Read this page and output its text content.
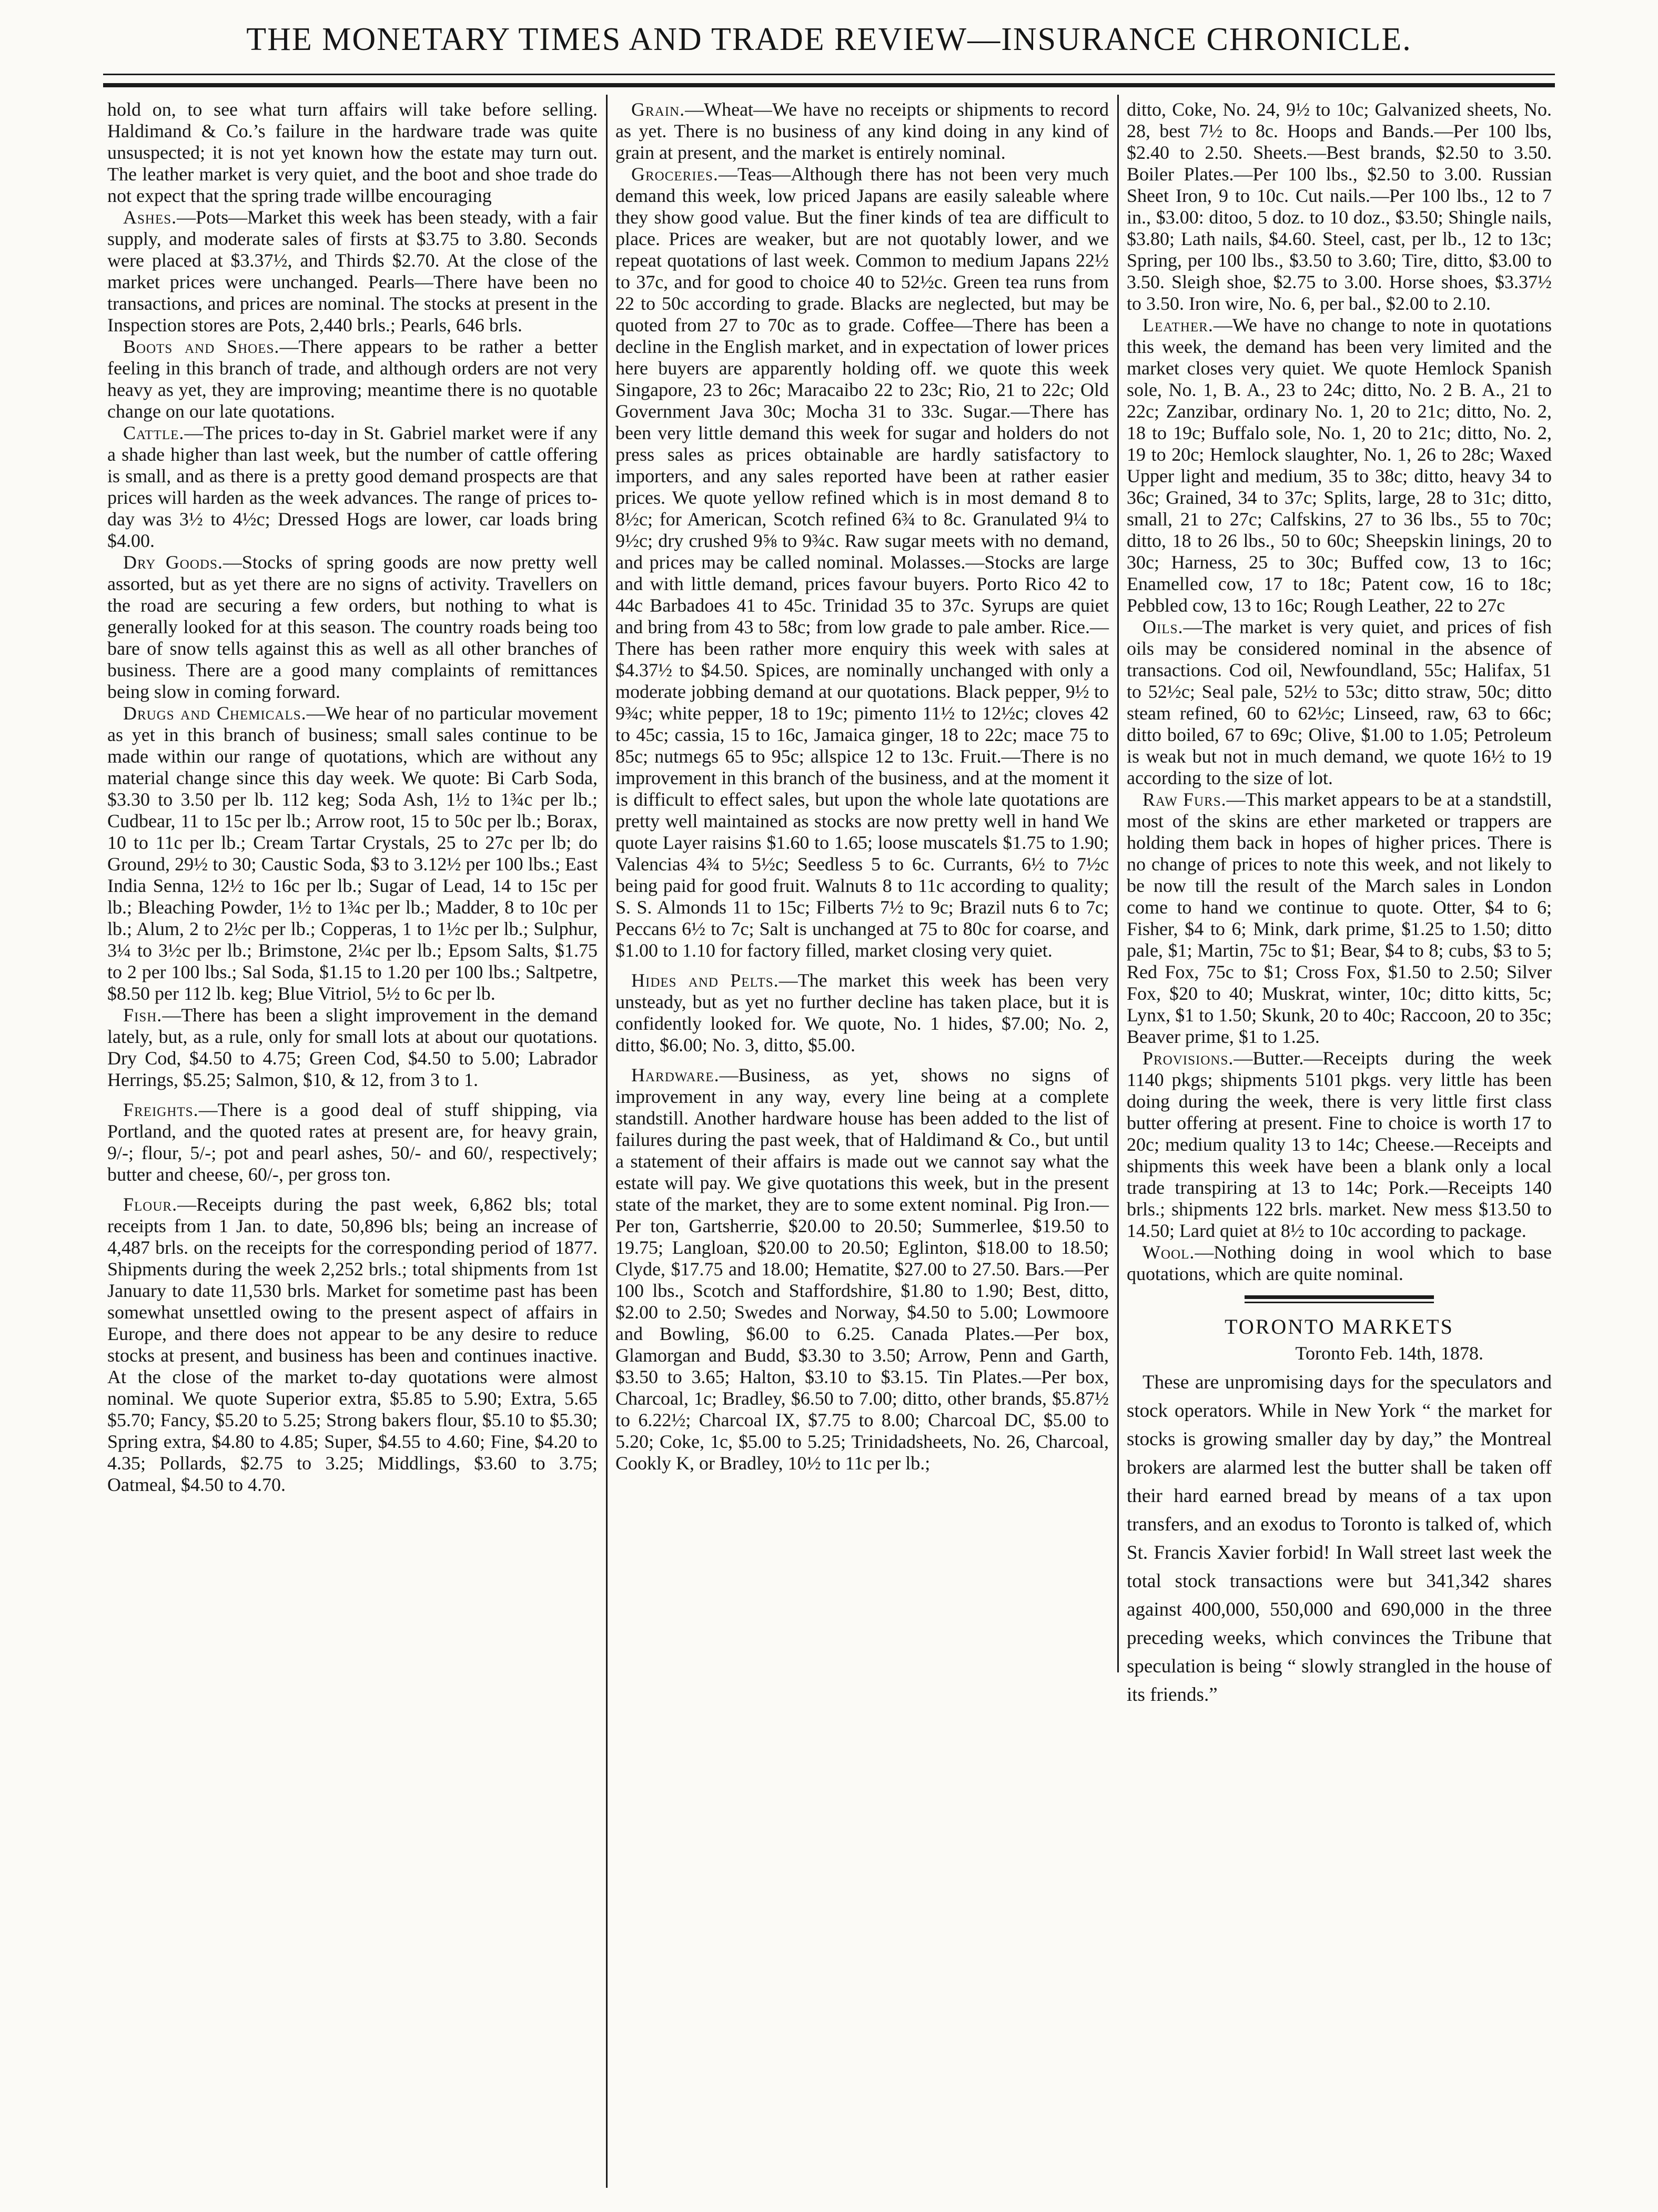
THE MONETARY TIMES AND TRADE REVIEW—INSURANCE CHRONICLE.

hold on, to see what turn affairs will take before selling. Haldimand & Co.’s failure in the hardware trade was quite unsuspected; it is not yet known how the estate may turn out. The leather market is very quiet, and the boot and shoe trade do not expect that the spring trade willbe encouraging

Ashes.—Pots—Market this week has been steady, with a fair supply, and moderate sales of firsts at $3.75 to 3.80. Seconds were placed at $3.37½, and Thirds $2.70. At the close of the market prices were unchanged. Pearls—There have been no transactions, and prices are nominal. The stocks at present in the Inspection stores are Pots, 2,440 brls.; Pearls, 646 brls.

Boots and Shoes.—There appears to be rather a better feeling in this branch of trade, and although orders are not very heavy as yet, they are improving; meantime there is no quotable change on our late quotations.

Cattle.—The prices to-day in St. Gabriel market were if any a shade higher than last week, but the number of cattle offering is small, and as there is a pretty good demand prospects are that prices will harden as the week advances. The range of prices to-day was 3½ to 4½c; Dressed Hogs are lower, car loads bring $4.00.

Dry Goods.—Stocks of spring goods are now pretty well assorted, but as yet there are no signs of activity. Travellers on the road are securing a few orders, but nothing to what is generally looked for at this season. The country roads being too bare of snow tells against this as well as all other branches of business. There are a good many complaints of remittances being slow in coming forward.

Drugs and Chemicals.—We hear of no particular movement as yet in this branch of business; small sales continue to be made within our range of quotations, which are without any material change since this day week. We quote: Bi Carb Soda, $3.30 to 3.50 per lb. 112 keg; Soda Ash, 1½ to 1¾c per lb.; Cudbear, 11 to 15c per lb.; Arrow root, 15 to 50c per lb.; Borax, 10 to 11c per lb.; Cream Tartar Crystals, 25 to 27c per lb; do Ground, 29½ to 30; Caustic Soda, $3 to 3.12½ per 100 lbs.; East India Senna, 12½ to 16c per lb.; Sugar of Lead, 14 to 15c per lb.; Bleaching Powder, 1½ to 1¾c per lb.; Madder, 8 to 10c per lb.; Alum, 2 to 2½c per lb.; Copperas, 1 to 1½c per lb.; Sulphur, 3¼ to 3½c per lb.; Brimstone, 2¼c per lb.; Epsom Salts, $1.75 to 2 per 100 lbs.; Sal Soda, $1.15 to 1.20 per 100 lbs.; Saltpetre, $8.50 per 112 lb. keg; Blue Vitriol, 5½ to 6c per lb.

Fish.—There has been a slight improvement in the demand lately, but, as a rule, only for small lots at about our quotations. Dry Cod, $4.50 to 4.75; Green Cod, $4.50 to 5.00; Labrador Herrings, $5.25; Salmon, $10, & 12, from 3 to 1.

Freights.—There is a good deal of stuff shipping, via Portland, and the quoted rates at present are, for heavy grain, 9/-; flour, 5/-; pot and pearl ashes, 50/- and 60/, respectively; butter and cheese, 60/-, per gross ton.

Flour.—Receipts during the past week, 6,862 bls; total receipts from 1 Jan. to date, 50,896 bls; being an increase of 4,487 brls. on the receipts for the corresponding period of 1877. Shipments during the week 2,252 brls.; total shipments from 1st January to date 11,530 brls. Market for sometime past has been somewhat unsettled owing to the present aspect of affairs in Europe, and there does not appear to be any desire to reduce stocks at present, and business has been and continues inactive. At the close of the market to-day quotations were almost nominal. We quote Superior extra, $5.85 to 5.90; Extra, 5.65 $5.70; Fancy, $5.20 to 5.25; Strong bakers flour, $5.10 to $5.30; Spring extra, $4.80 to 4.85; Super, $4.55 to 4.60; Fine, $4.20 to 4.35; Pollards, $2.75 to 3.25; Middlings, $3.60 to 3.75; Oatmeal, $4.50 to 4.70.

Grain.—Wheat—We have no receipts or shipments to record as yet. There is no business of any kind doing in any kind of grain at present, and the market is entirely nominal.

Groceries.—Teas—Although there has not been very much demand this week, low priced Japans are easily saleable where they show good value. But the finer kinds of tea are difficult to place. Prices are weaker, but are not quotably lower, and we repeat quotations of last week. Common to medium Japans 22½ to 37c, and for good to choice 40 to 52½c. Green tea runs from 22 to 50c according to grade. Blacks are neglected, but may be quoted from 27 to 70c as to grade. Coffee—There has been a decline in the English market, and in expectation of lower prices here buyers are apparently holding off. we quote this week Singapore, 23 to 26c; Maracaibo 22 to 23c; Rio, 21 to 22c; Old Government Java 30c; Mocha 31 to 33c. Sugar.—There has been very little demand this week for sugar and holders do not press sales as prices obtainable are hardly satisfactory to importers, and any sales reported have been at rather easier prices. We quote yellow refined which is in most demand 8 to 8½c; for American, Scotch refined 6¾ to 8c. Granulated 9¼ to 9½c; dry crushed 9⅝ to 9¾c. Raw sugar meets with no demand, and prices may be called nominal. Molasses.—Stocks are large and with little demand, prices favour buyers. Porto Rico 42 to 44c Barbadoes 41 to 45c. Trinidad 35 to 37c. Syrups are quiet and bring from 43 to 58c; from low grade to pale amber. Rice.—There has been rather more enquiry this week with sales at $4.37½ to $4.50. Spices, are nominally unchanged with only a moderate jobbing demand at our quotations. Black pepper, 9½ to 9¾c; white pepper, 18 to 19c; pimento 11½ to 12½c; cloves 42 to 45c; cassia, 15 to 16c, Jamaica ginger, 18 to 22c; mace 75 to 85c; nutmegs 65 to 95c; allspice 12 to 13c. Fruit.—There is no improvement in this branch of the business, and at the moment it is difficult to effect sales, but upon the whole late quotations are pretty well maintained as stocks are now pretty well in hand We quote Layer raisins $1.60 to 1.65; loose muscatels $1.75 to 1.90; Valencias 4¾ to 5½c; Seedless 5 to 6c. Currants, 6½ to 7½c being paid for good fruit. Walnuts 8 to 11c according to quality; S. S. Almonds 11 to 15c; Filberts 7½ to 9c; Brazil nuts 6 to 7c; Peccans 6½ to 7c; Salt is unchanged at 75 to 80c for coarse, and $1.00 to 1.10 for factory filled, market closing very quiet.

Hides and Pelts.—The market this week has been very unsteady, but as yet no further decline has taken place, but it is confidently looked for. We quote, No. 1 hides, $7.00; No. 2, ditto, $6.00; No. 3, ditto, $5.00.

Hardware.—Business, as yet, shows no signs of improvement in any way, every line being at a complete standstill. Another hardware house has been added to the list of failures during the past week, that of Haldimand & Co., but until a statement of their affairs is made out we cannot say what the estate will pay. We give quotations this week, but in the present state of the market, they are to some extent nominal. Pig Iron.—Per ton, Gartsherrie, $20.00 to 20.50; Summerlee, $19.50 to 19.75; Langloan, $20.00 to 20.50; Eglinton, $18.00 to 18.50; Clyde, $17.75 and 18.00; Hematite, $27.00 to 27.50. Bars.—Per 100 lbs., Scotch and Staffordshire, $1.80 to 1.90; Best, ditto, $2.00 to 2.50; Swedes and Norway, $4.50 to 5.00; Lowmoore and Bowling, $6.00 to 6.25. Canada Plates.—Per box, Glamorgan and Budd, $3.30 to 3.50; Arrow, Penn and Garth, $3.50 to 3.65; Halton, $3.10 to $3.15. Tin Plates.—Per box, Charcoal, 1c; Bradley, $6.50 to 7.00; ditto, other brands, $5.87½ to 6.22½; Charcoal IX, $7.75 to 8.00; Charcoal DC, $5.00 to 5.20; Coke, 1c, $5.00 to 5.25; Trinidadsheets, No. 26, Charcoal, Cookly K, or Bradley, 10½ to 11c per lb.;

ditto, Coke, No. 24, 9½ to 10c; Galvanized sheets, No. 28, best 7½ to 8c. Hoops and Bands.—Per 100 lbs, $2.40 to 2.50. Sheets.—Best brands, $2.50 to 3.50. Boiler Plates.—Per 100 lbs., $2.50 to 3.00. Russian Sheet Iron, 9 to 10c. Cut nails.—Per 100 lbs., 12 to 7 in., $3.00: ditoo, 5 doz. to 10 doz., $3.50; Shingle nails, $3.80; Lath nails, $4.60. Steel, cast, per lb., 12 to 13c; Spring, per 100 lbs., $3.50 to 3.60; Tire, ditto, $3.00 to 3.50. Sleigh shoe, $2.75 to 3.00. Horse shoes, $3.37½ to 3.50. Iron wire, No. 6, per bal., $2.00 to 2.10.

Leather.—We have no change to note in quotations this week, the demand has been very limited and the market closes very quiet. We quote Hemlock Spanish sole, No. 1, B. A., 23 to 24c; ditto, No. 2 B. A., 21 to 22c; Zanzibar, ordinary No. 1, 20 to 21c; ditto, No. 2, 18 to 19c; Buffalo sole, No. 1, 20 to 21c; ditto, No. 2, 19 to 20c; Hemlock slaughter, No. 1, 26 to 28c; Waxed Upper light and medium, 35 to 38c; ditto, heavy 34 to 36c; Grained, 34 to 37c; Splits, large, 28 to 31c; ditto, small, 21 to 27c; Calfskins, 27 to 36 lbs., 55 to 70c; ditto, 18 to 26 lbs., 50 to 60c; Sheepskin linings, 20 to 30c; Harness, 25 to 30c; Buffed cow, 13 to 16c; Enamelled cow, 17 to 18c; Patent cow, 16 to 18c; Pebbled cow, 13 to 16c; Rough Leather, 22 to 27c

Oils.—The market is very quiet, and prices of fish oils may be considered nominal in the absence of transactions. Cod oil, Newfoundland, 55c; Halifax, 51 to 52½c; Seal pale, 52½ to 53c; ditto straw, 50c; ditto steam refined, 60 to 62½c; Linseed, raw, 63 to 66c; ditto boiled, 67 to 69c; Olive, $1.00 to 1.05; Petroleum is weak but not in much demand, we quote 16½ to 19 according to the size of lot.

Raw Furs.—This market appears to be at a standstill, most of the skins are ether marketed or trappers are holding them back in hopes of higher prices. There is no change of prices to note this week, and not likely to be now till the result of the March sales in London come to hand we continue to quote. Otter, $4 to 6; Fisher, $4 to 6; Mink, dark prime, $1.25 to 1.50; ditto pale, $1; Martin, 75c to $1; Bear, $4 to 8; cubs, $3 to 5; Red Fox, 75c to $1; Cross Fox, $1.50 to 2.50; Silver Fox, $20 to 40; Muskrat, winter, 10c; ditto kitts, 5c; Lynx, $1 to 1.50; Skunk, 20 to 40c; Raccoon, 20 to 35c; Beaver prime, $1 to 1.25.

Provisions.—Butter.—Receipts during the week 1140 pkgs; shipments 5101 pkgs. very little has been doing during the week, there is very little first class butter offering at present. Fine to choice is worth 17 to 20c; medium quality 13 to 14c; Cheese.—Receipts and shipments this week have been a blank only a local trade transpiring at 13 to 14c; Pork.—Receipts 140 brls.; shipments 122 brls. market. New mess $13.50 to 14.50; Lard quiet at 8½ to 10c according to package.

Wool.—Nothing doing in wool which to base quotations, which are quite nominal.

TORONTO MARKETS
Toronto Feb. 14th, 1878.

These are unpromising days for the speculators and stock operators. While in New York “ the market for stocks is growing smaller day by day,” the Montreal brokers are alarmed lest the butter shall be taken off their hard earned bread by means of a tax upon transfers, and an exodus to Toronto is talked of, which St. Francis Xavier forbid! In Wall street last week the total stock transactions were but 341,342 shares against 400,000, 550,000 and 690,000 in the three preceding weeks, which convinces the Tribune that speculation is being “ slowly strangled in the house of its friends.”
